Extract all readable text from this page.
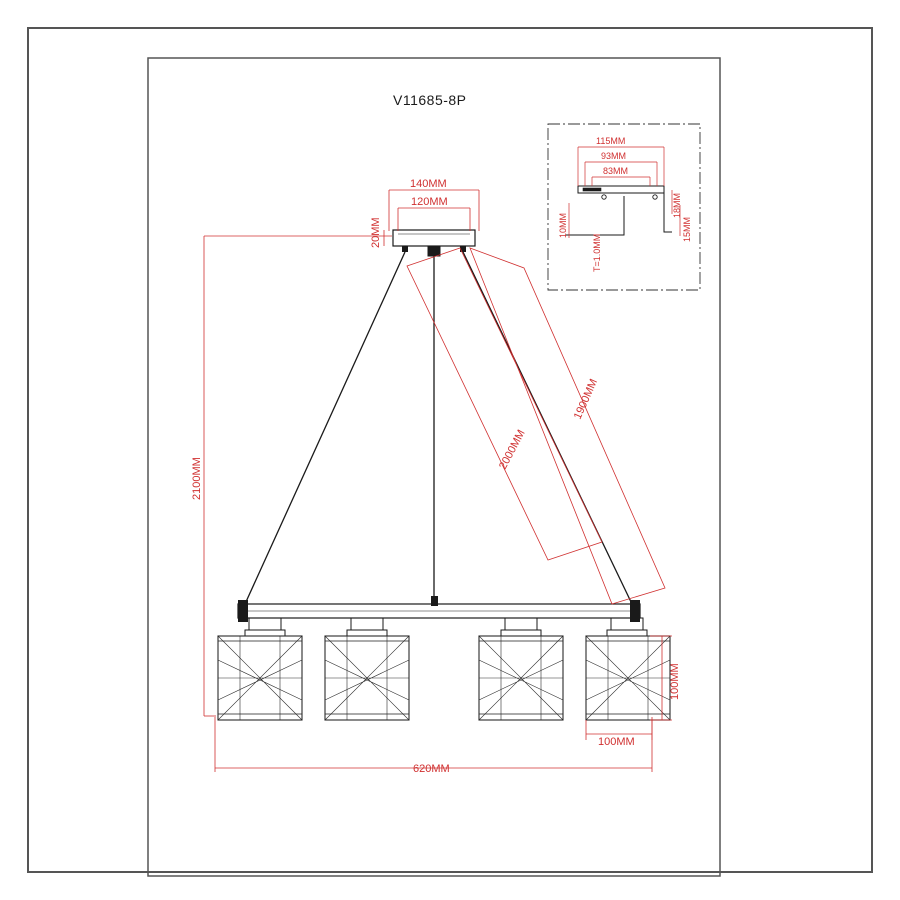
V11685-8P
115MM
93MM
83MM
10MM
18MM
15MM
T=1.0MM
140MM
120MM
20MM
2100MM
2000MM
1900MM
620MM
100MM
100MM
